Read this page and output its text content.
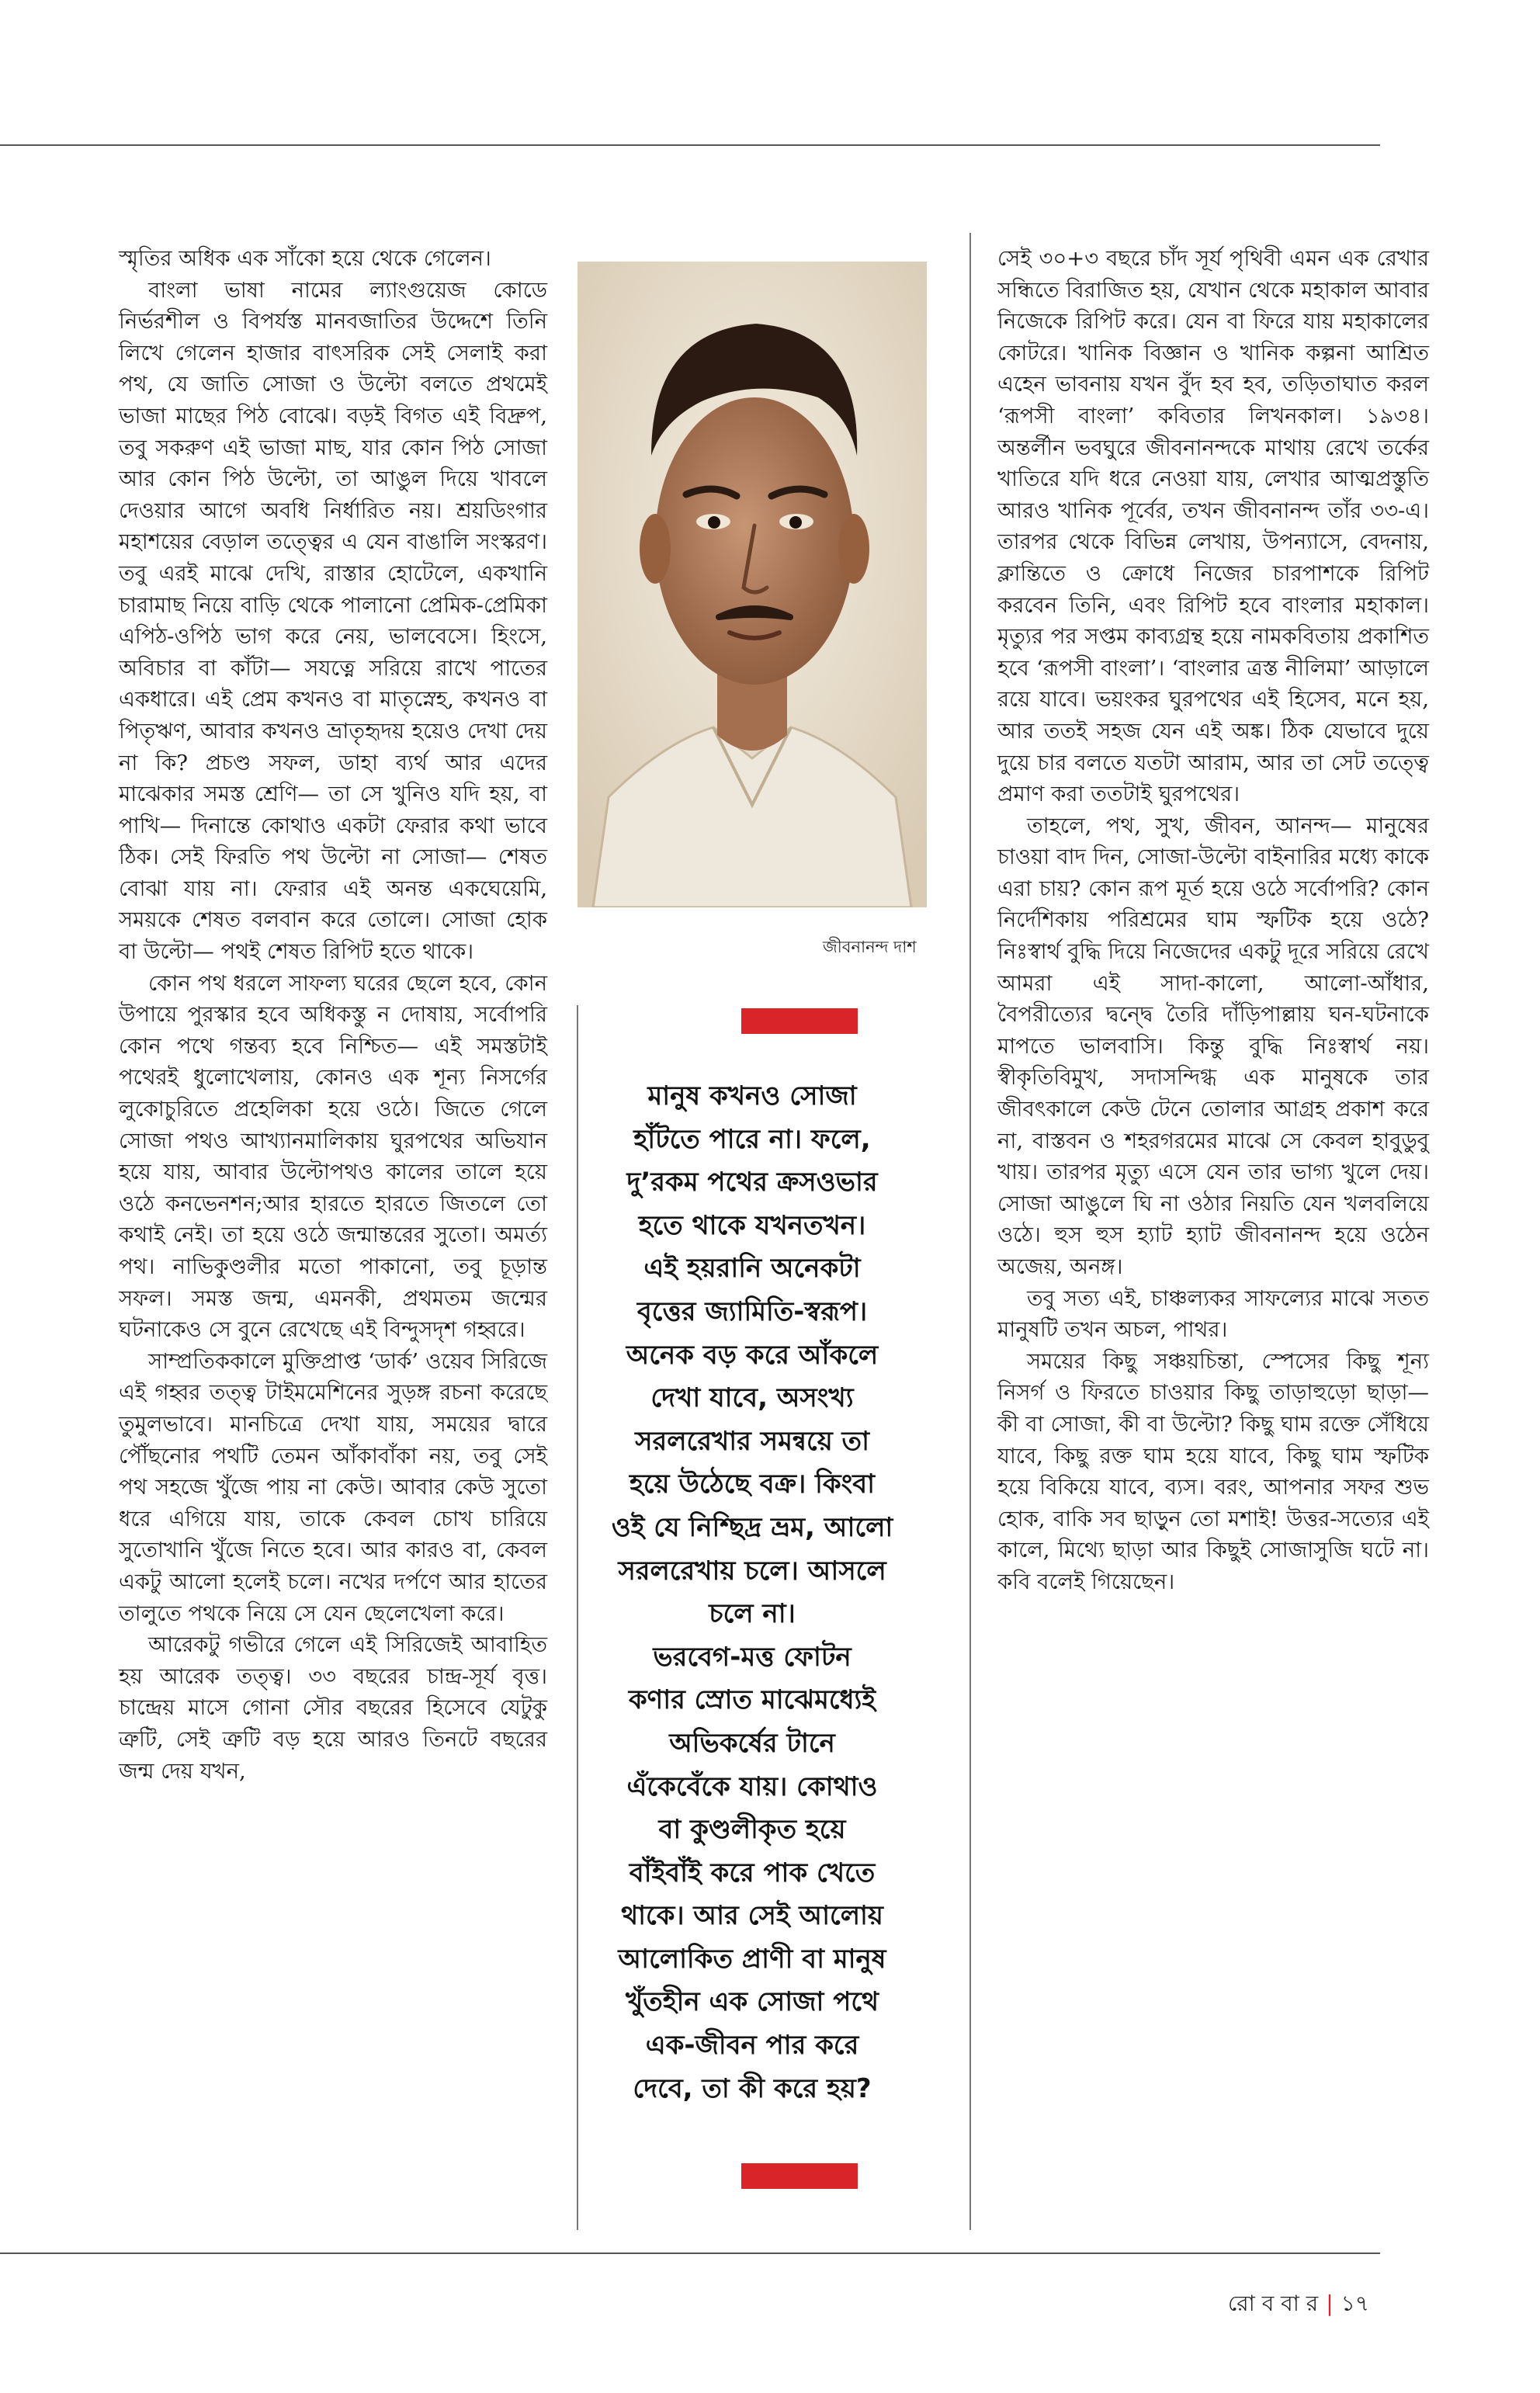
স্মৃতির অধিক এক সাঁকো হয়ে থেকে গেলেন।

বাংলা ভাষা নামের ল্যাংগুয়েজ কোডে নির্ভরশীল ও বিপর্যস্ত মানবজাতির উদ্দেশে তিনি লিখে গেলেন হাজার বাৎসরিক সেই সেলাই করা পথ, যে জাতি সোজা ও উল্টো বলতে প্রথমেই ভাজা মাছের পিঠ বোঝে। বড়ই বিগত এই বিদ্রুপ, তবু সকরুণ এই ভাজা মাছ, যার কোন পিঠ সোজা আর কোন পিঠ উল্টো, তা আঙুল দিয়ে খাবলে দেওয়ার আগে অবধি নির্ধারিত নয়। শ্রয়ডিংগার মহাশয়ের বেড়াল তত্ত্বের এ যেন বাঙালি সংস্করণ। তবু এরই মাঝে দেখি, রাস্তার হোটেলে, একখানি চারামাছ নিয়ে বাড়ি থেকে পালানো প্রেমিক-প্রেমিকা এপিঠ-ওপিঠ ভাগ করে নেয়, ভালবেসে। হিংসে, অবিচার বা কাঁটা— সযত্নে সরিয়ে রাখে পাতের একধারে। এই প্রেম কখনও বা মাতৃস্নেহ, কখনও বা পিতৃঋণ, আবার কখনও ভ্রাতৃহৃদয় হয়েও দেখা দেয় না কি? প্রচণ্ড সফল, ডাহা ব্যর্থ আর এদের মাঝেকার সমস্ত শ্রেণি— তা সে খুনিও যদি হয়, বা পাখি— দিনান্তে কোথাও একটা ফেরার কথা ভাবে ঠিক। সেই ফিরতি পথ উল্টো না সোজা— শেষত বোঝা যায় না। ফেরার এই অনন্ত একঘেয়েমি, সময়কে শেষত বলবান করে তোলে। সোজা হোক বা উল্টো— পথই শেষত রিপিট হতে থাকে।

কোন পথ ধরলে সাফল্য ঘরের ছেলে হবে, কোন উপায়ে পুরস্কার হবে অধিকস্তু ন দোষায়, সর্বোপরি কোন পথে গন্তব্য হবে নিশ্চিত— এই সমস্তটাই পথেরই ধুলোখেলায়, কোনও এক শূন্য নিসর্গের লুকোচুরিতে প্রহেলিকা হয়ে ওঠে। জিতে গেলে সোজা পথও আখ্যানমালিকায় ঘুরপথের অভিযান হয়ে যায়, আবার উল্টোপথও কালের তালে হয়ে ওঠে কনভেনশন;আর হারতে হারতে জিতলে তো কথাই নেই। তা হয়ে ওঠে জন্মান্তরের সুতো। অমর্ত্য পথ। নাভিকুণ্ডলীর মতো পাকানো, তবু চূড়ান্ত সফল। সমস্ত জন্ম, এমনকী, প্রথমতম জন্মের ঘটনাকেও সে বুনে রেখেছে এই বিন্দুসদৃশ গহ্বরে।

সাম্প্রতিককালে মুক্তিপ্রাপ্ত ‘ডার্ক’ ওয়েব সিরিজে এই গহ্বর তত্ত্ব টাইমমেশিনের সুড়ঙ্গ রচনা করেছে তুমুলভাবে। মানচিত্রে দেখা যায়, সময়ের দ্বারে পৌঁছনোর পথটি তেমন আঁকাবাঁকা নয়, তবু সেই পথ সহজে খুঁজে পায় না কেউ। আবার কেউ সুতো ধরে এগিয়ে যায়, তাকে কেবল চোখ চারিয়ে সুতোখানি খুঁজে নিতে হবে। আর কারও বা, কেবল একটু আলো হলেই চলে। নখের দর্পণে আর হাতের তালুতে পথকে নিয়ে সে যেন ছেলেখেলা করে।

আরেকটু গভীরে গেলে এই সিরিজেই আবাহিত হয় আরেক তত্ত্ব। ৩৩ বছরের চান্দ্র-সূর্য বৃত্ত। চান্দ্রেয় মাসে গোনা সৌর বছরের হিসেবে যেটুকু ত্রুটি, সেই ত্রুটি বড় হয়ে আরও তিনটে বছরের জন্ম দেয় যখন,

জীবনানন্দ দাশ
মানুষ কখনও সোজা
হাঁটতে পারে না। ফলে,
দু’রকম পথের ক্রসওভার
হতে থাকে যখনতখন।
এই হয়রানি অনেকটা
বৃত্তের জ্যামিতি-স্বরূপ।
অনেক বড় করে আঁকলে
দেখা যাবে, অসংখ্য
সরলরেখার সমন্বয়ে তা
হয়ে উঠেছে বক্র। কিংবা
ওই যে নিশ্ছিদ্র ভ্রম, আলো
সরলরেখায় চলে। আসলে
চলে না।
ভরবেগ-মত্ত ফোটন
কণার স্রোত মাঝেমধ্যেই
অভিকর্ষের টানে
এঁকেবেঁকে যায়। কোথাও
বা কুণ্ডলীকৃত হয়ে
বাঁইবাঁই করে পাক খেতে
থাকে। আর সেই আলোয়
আলোকিত প্রাণী বা মানুষ
খুঁতহীন এক সোজা পথে
এক-জীবন পার করে
দেবে, তা কী করে হয়?

সেই ৩০+৩ বছরে চাঁদ সূর্য পৃথিবী এমন এক রেখার সন্ধিতে বিরাজিত হয়, যেখান থেকে মহাকাল আবার নিজেকে রিপিট করে। যেন বা ফিরে যায় মহাকালের কোটরে। খানিক বিজ্ঞান ও খানিক কল্পনা আশ্রিত এহেন ভাবনায় যখন বুঁদ হব হব, তড়িতাঘাত করল ‘রূপসী বাংলা’ কবিতার লিখনকাল। ১৯৩৪। অন্তর্লীন ভবঘুরে জীবনানন্দকে মাথায় রেখে তর্কের খাতিরে যদি ধরে নেওয়া যায়, লেখার আত্মপ্রস্তুতি আরও খানিক পূর্বের, তখন জীবনানন্দ তাঁর ৩৩-এ। তারপর থেকে বিভিন্ন লেখায়, উপন্যাসে, বেদনায়, ক্লান্তিতে ও ক্রোধে নিজের চারপাশকে রিপিট করবেন তিনি, এবং রিপিট হবে বাংলার মহাকাল। মৃত্যুর পর সপ্তম কাব্যগ্রন্থ হয়ে নামকবিতায় প্রকাশিত হবে ‘রূপসী বাংলা’। ‘বাংলার ত্রস্ত নীলিমা’ আড়ালে রয়ে যাবে। ভয়ংকর ঘুরপথের এই হিসেব, মনে হয়, আর ততই সহজ যেন এই অঙ্ক। ঠিক যেভাবে দুয়ে দুয়ে চার বলতে যতটা আরাম, আর তা সেট তত্ত্বে প্রমাণ করা ততটাই ঘুরপথের।

তাহলে, পথ, সুখ, জীবন, আনন্দ— মানুষের চাওয়া বাদ দিন, সোজা-উল্টো বাইনারির মধ্যে কাকে এরা চায়? কোন রূপ মূর্ত হয়ে ওঠে সর্বোপরি? কোন নির্দেশিকায় পরিশ্রমের ঘাম স্ফটিক হয়ে ওঠে? নিঃস্বার্থ বুদ্ধি দিয়ে নিজেদের একটু দূরে সরিয়ে রেখে আমরা এই সাদা-কালো, আলো-আঁধার, বৈপরীত্যের দ্বন্দ্বে তৈরি দাঁড়িপাল্লায় ঘন-ঘটনাকে মাপতে ভালবাসি। কিন্তু বুদ্ধি নিঃস্বার্থ নয়। স্বীকৃতিবিমুখ, সদাসন্দিগ্ধ এক মানুষকে তার জীবৎকালে কেউ টেনে তোলার আগ্রহ প্রকাশ করে না, বাস্তবন ও শহরগরমের মাঝে সে কেবল হাবুডুবু খায়। তারপর মৃত্যু এসে যেন তার ভাগ্য খুলে দেয়। সোজা আঙুলে ঘি না ওঠার নিয়তি যেন খলবলিয়ে ওঠে। হুস হুস হ্যাট হ্যাট জীবনানন্দ হয়ে ওঠেন অজেয়, অনঙ্গ।

তবু সত্য এই, চাঞ্চল্যকর সাফল্যের মাঝে সতত মানুষটি তখন অচল, পাথর।

সময়ের কিছু সঞ্চয়চিন্তা, স্পেসের কিছু শূন্য নিসর্গ ও ফিরতে চাওয়ার কিছু তাড়াহুড়ো ছাড়া— কী বা সোজা, কী বা উল্টো? কিছু ঘাম রক্তে সেঁধিয়ে যাবে, কিছু রক্ত ঘাম হয়ে যাবে, কিছু ঘাম স্ফটিক হয়ে বিকিয়ে যাবে, ব্যস। বরং, আপনার সফর শুভ হোক, বাকি সব ছাড়ুন তো মশাই! উত্তর-সত্যের এই কালে, মিথ্যে ছাড়া আর কিছুই সোজাসুজি ঘটে না। কবি বলেই গিয়েছেন।

রো ব বা র | ১৭
